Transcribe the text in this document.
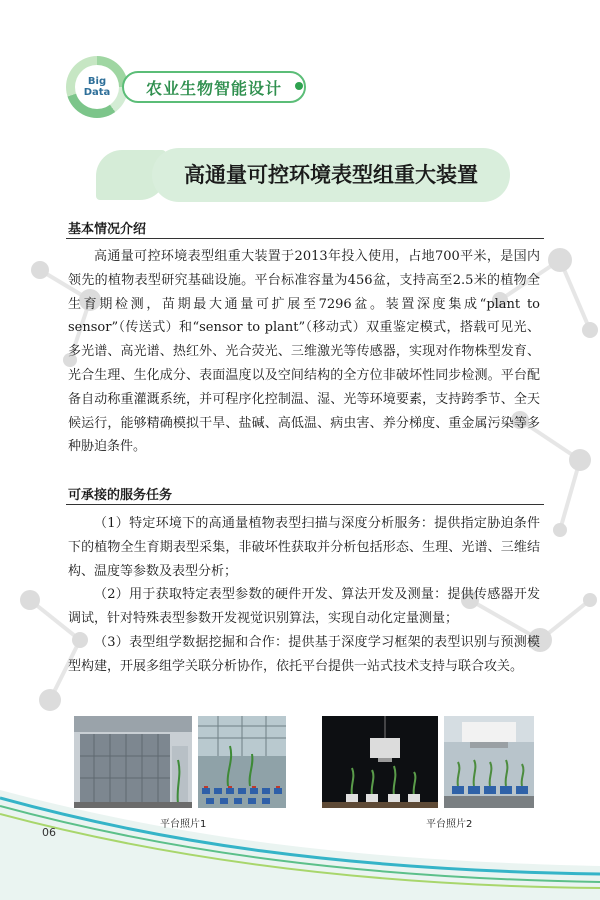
Big
Data 农业生物智能设计
高通量可控环境表型组重大装置
基本情况介绍

高通量可控环境表型组重大装置于2013年投入使用，占地700平米，是国内领先的植物表型研究基础设施。平台标准容量为456盆，支持高至2.5米的植物全生育期检测，苗期最大通量可扩展至7296盆。装置深度集成“plant to sensor”（传送式）和“sensor to plant”（移动式）双重鉴定模式，搭载可见光、多光谱、高光谱、热红外、光合荧光、三维激光等传感器，实现对作物株型发育、光合生理、生化成分、表面温度以及空间结构的全方位非破坏性同步检测。平台配备自动称重灌溉系统，并可程序化控制温、湿、光等环境要素，支持跨季节、全天候运行，能够精确模拟干旱、盐碱、高低温、病虫害、养分梯度、重金属污染等多种胁迫条件。

可承接的服务任务

（1）特定环境下的高通量植物表型扫描与深度分析服务：提供指定胁迫条件下的植物全生育期表型采集，非破坏性获取并分析包括形态、生理、光谱、三维结构、温度等参数及表型分析；

（2）用于获取特定表型参数的硬件开发、算法开发及测量：提供传感器开发调试，针对特殊表型参数开发视觉识别算法，实现自动化定量测量；

（3）表型组学数据挖掘和合作：提供基于深度学习框架的表型识别与预测模型构建，开展多组学关联分析协作，依托平台提供一站式技术支持与联合攻关。

平台照片1	平台照片2
06
